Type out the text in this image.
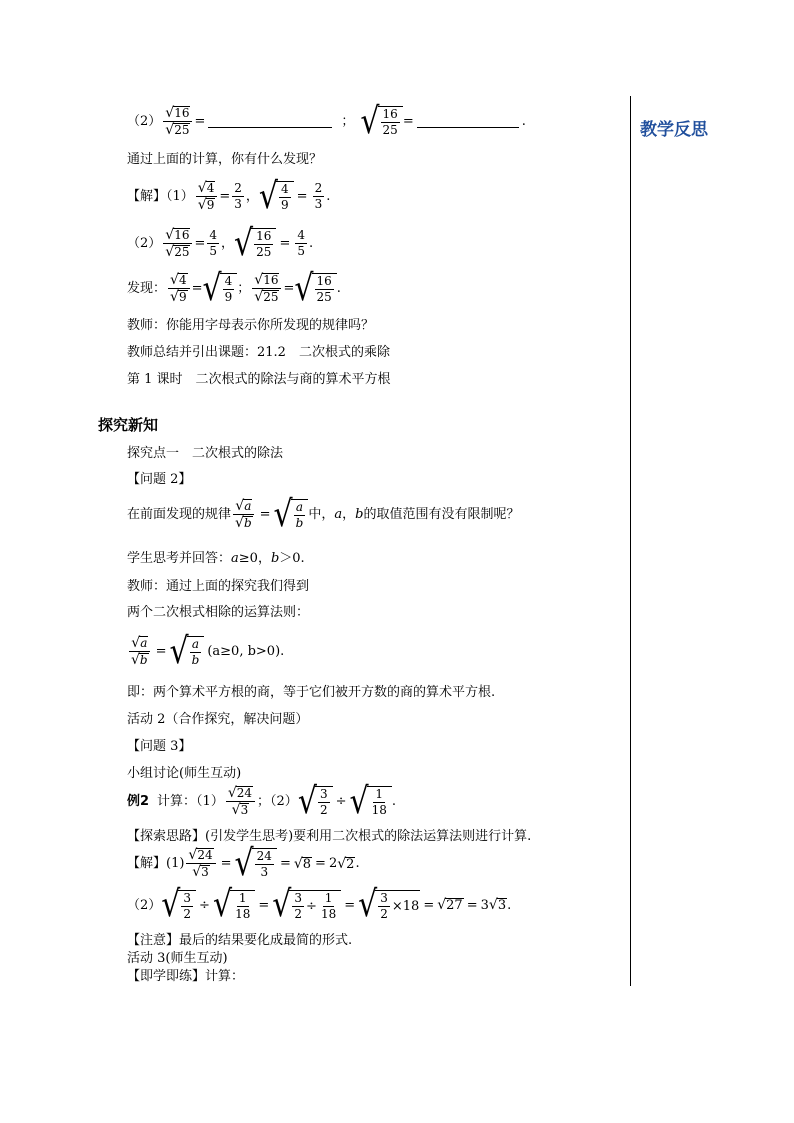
教学反思
$(2) \frac{√ 16}{√ 25}$ =	； √ $\frac{16}{25}$ =	.
通过上面的计算，你有什么发现？
【解】$(1) \frac{√ 4}{√ 9} = \frac{2}{3}$ ， √ $\frac{4}{9} = \frac{2}{3}$ .
$(2) \frac{√ 16}{√ 25} = \frac{4}{5}$ ， √ $\frac{16}{25} = \frac{4}{5}$ .
发现： $\frac{√ 4}{√ 9}$ = √ $\frac{4}{9}$ ； $\frac{√ 16}{√ 25}$ = √ $\frac{16}{25}$ .
教师：你能用字母表示你所发现的规律吗？
教师总结并引出课题：21.2　二次根式的乘除
第 1 课时　二次根式的除法与商的算术平方根
探究新知
探究点一　二次根式的除法
【问题 2】
在前面发现的规律 $\frac{√ a}{√ b}$ = √ $\frac{a}{b}$ 中， a ， b 的取值范围有没有限制呢？
学生思考并回答： a ≥0， b ＞0.
教师：通过上面的探究我们得到
两个二次根式相除的运算法则：
$\frac{√ a}{√ b}$ = √ $\frac{a}{b} (a\ge 0$, b>0).
即：两个算术平方根的商，等于它们被开方数的商的算术平方根.
活动 2（合作探究，解决问题）
【问题 3】
小组讨论(师生互动)
例2 计算：$(1) \frac{√ 24}{√ 3}$ ；（2） √ $\frac{3}{2}$ ÷ √ $\frac{1}{18}$ .
【探索思路】(引发学生思考)要利用二次根式的除法运算法则进行计算.
【解】$(1) \frac{√ 24}{√ 3}$ = √ $\frac{24}{3}$ = √ 8 = 2 √ 2 .
（2） √ $\frac{3}{2}$ ÷ √ $\frac{1}{18}$ = √ $\frac{3}{2} \div \frac{1}{18}$ = √ $\frac{3}{2} \times 18$ = √ 27 = 3 √ 3 .
【注意】最后的结果要化成最简的形式.
活动 3(师生互动)
【即学即练】计算：
